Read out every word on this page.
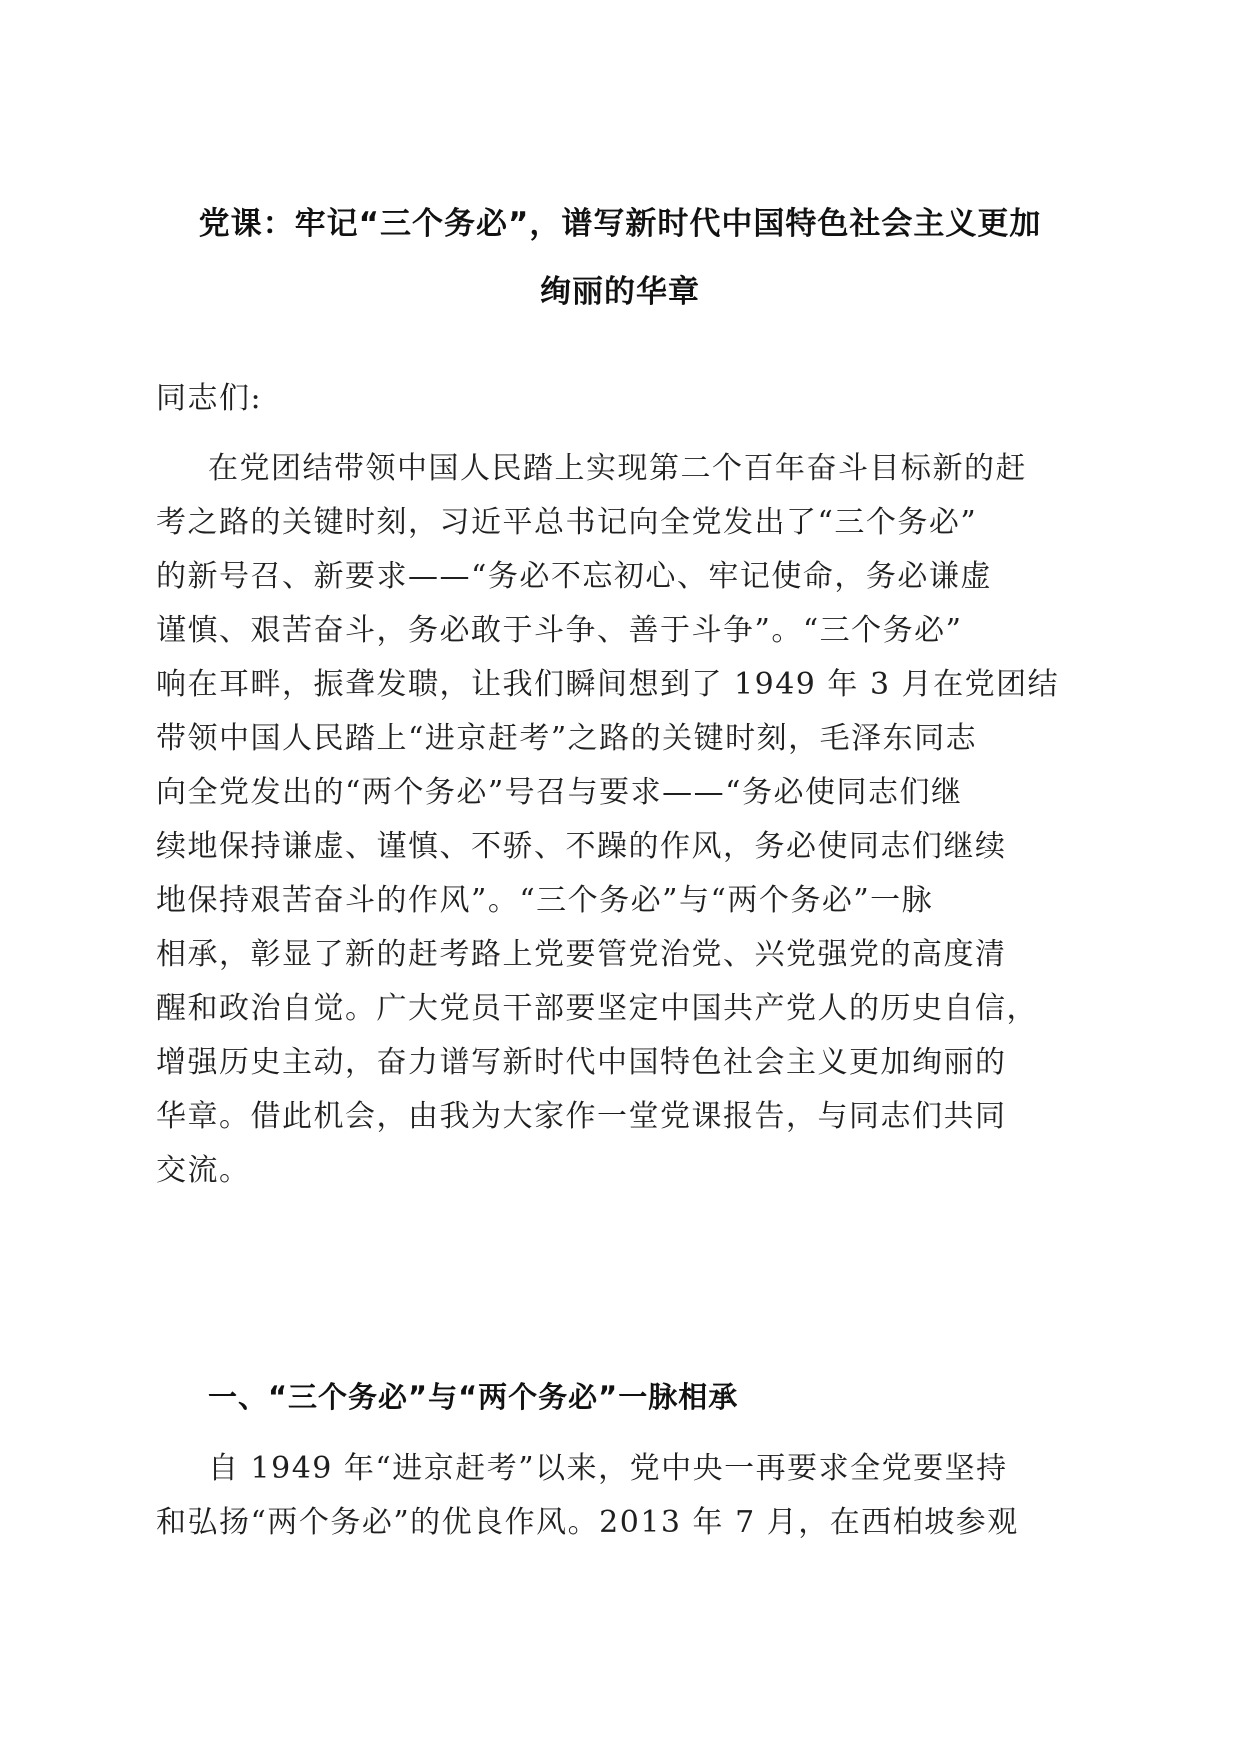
党课：牢记“三个务必”，谱写新时代中国特色社会主义更加
绚丽的华章

同志们:

在党团结带领中国人民踏上实现第二个百年奋斗目标新的赶
考之路的关键时刻，习近平总书记向全党发出了“三个务必”
的新号召、新要求——“务必不忘初心、牢记使命，务必谦虚
谨慎、艰苦奋斗，务必敢于斗争、善于斗争”。“三个务必”
响在耳畔，振聋发聩，让我们瞬间想到了 1949 年 3 月在党团结
带领中国人民踏上“进京赶考”之路的关键时刻，毛泽东同志
向全党发出的“两个务必”号召与要求——“务必使同志们继
续地保持谦虚、谨慎、不骄、不躁的作风，务必使同志们继续
地保持艰苦奋斗的作风”。“三个务必”与“两个务必”一脉
相承，彰显了新的赶考路上党要管党治党、兴党强党的高度清
醒和政治自觉。广大党员干部要坚定中国共产党人的历史自信，
增强历史主动，奋力谱写新时代中国特色社会主义更加绚丽的
华章。借此机会，由我为大家作一堂党课报告，与同志们共同
交流。

一、“三个务必”与“两个务必”一脉相承

自 1949 年“进京赶考”以来，党中央一再要求全党要坚持
和弘扬“两个务必”的优良作风。2013 年 7 月，在西柏坡参观
